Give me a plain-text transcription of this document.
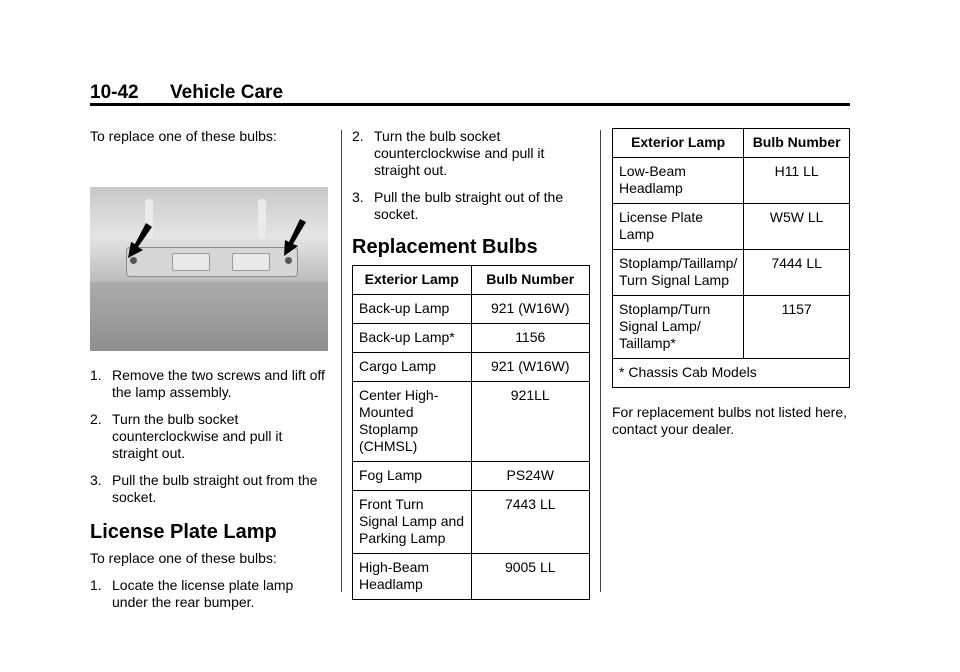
10-42 Vehicle Care

To replace one of these bulbs:

1. Remove the two screws and lift off the lamp assembly.
2. Turn the bulb socket counterclockwise and pull it straight out.
3. Pull the bulb straight out from the socket.
License Plate Lamp

To replace one of these bulbs:

1. Locate the license plate lamp under the rear bumper.
2. Turn the bulb socket counterclockwise and pull it straight out.
3. Pull the bulb straight out of the socket.
Replacement Bulbs
Exterior Lamp	Bulb Number
Back-up Lamp	921 (W16W)
Back-up Lamp*	1156
Cargo Lamp	921 (W16W)
Center High-Mounted Stoplamp (CHMSL)	921LL
Fog Lamp	PS24W
Front Turn Signal Lamp and Parking Lamp	7443 LL
High-Beam Headlamp	9005 LL
Exterior Lamp	Bulb Number
Low-Beam Headlamp	H11 LL
License Plate Lamp	W5W LL
Stoplamp/Taillamp/ Turn Signal Lamp	7444 LL
Stoplamp/Turn Signal Lamp/ Taillamp*	1157
* Chassis Cab Models	

For replacement bulbs not listed here, contact your dealer.
